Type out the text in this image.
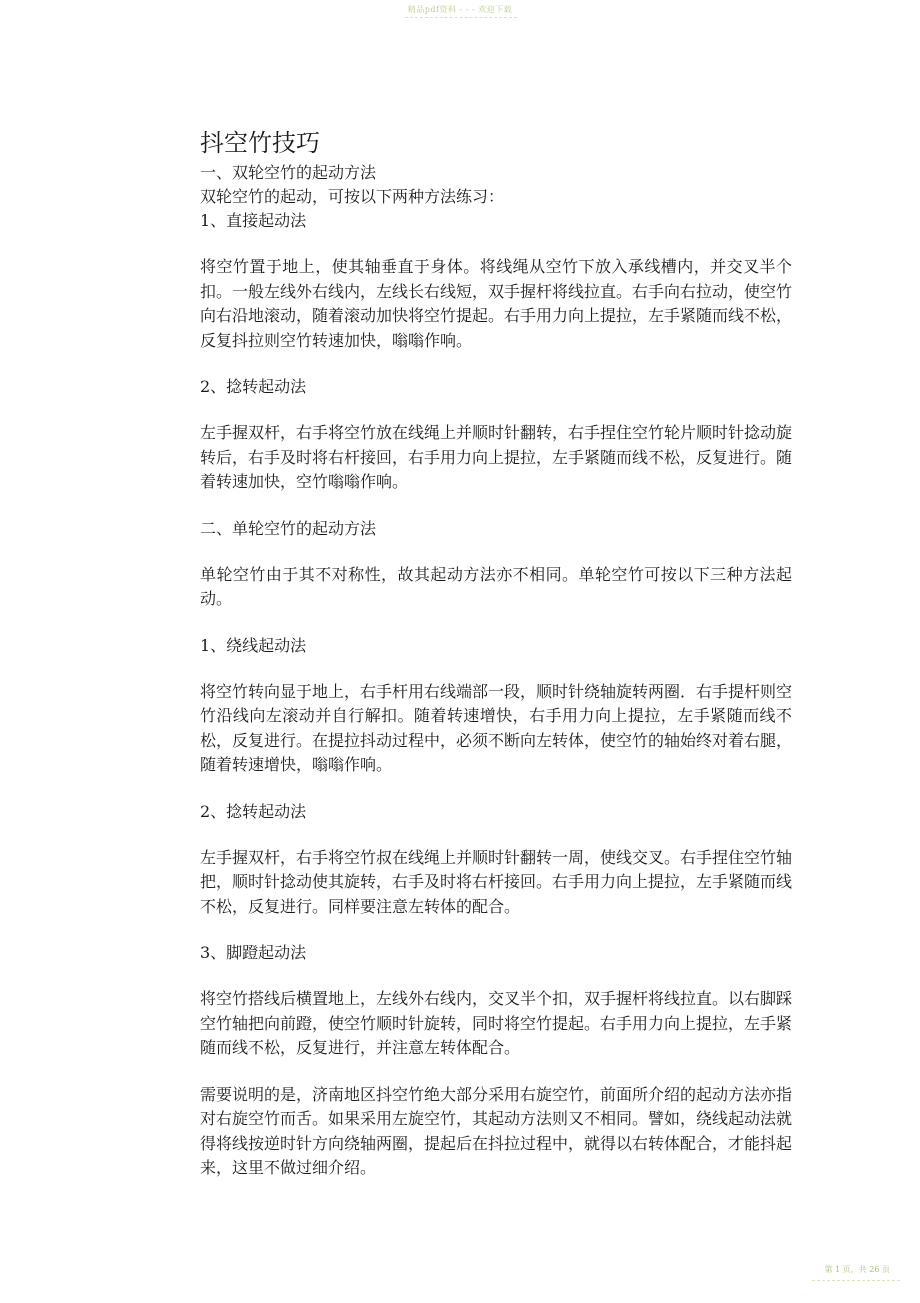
精品pdf资料 - - - 欢迎下载
抖空竹技巧

一、双轮空竹的起动方法

双轮空竹的起动，可按以下两种方法练习：

1、直接起动法

将空竹置于地上，使其轴垂直于身体。将线绳从空竹下放入承线槽内，并交叉半个扣。一般左线外右线内，左线长右线短，双手握杆将线拉直。右手向右拉动，使空竹向右沿地滚动，随着滚动加快将空竹提起。右手用力向上提拉，左手紧随而线不松，反复抖拉则空竹转速加快，嗡嗡作响。

2、捻转起动法

左手握双杆，右手将空竹放在线绳上并顺时针翻转，右手捏住空竹轮片顺时针捻动旋转后，右手及时将右杆接回，右手用力向上提拉，左手紧随而线不松，反复进行。随着转速加快，空竹嗡嗡作响。

二、单轮空竹的起动方法

单轮空竹由于其不对称性，故其起动方法亦不相同。单轮空竹可按以下三种方法起动。

1、绕线起动法

将空竹转向显于地上，右手杆用右线端部一段，顺时针绕轴旋转两圈．右手提杆则空竹沿线向左滚动并自行解扣。随着转速增快，右手用力向上提拉，左手紧随而线不松，反复进行。在提拉抖动过程中，必须不断向左转体，使空竹的轴始终对着右腿，随着转速增快，嗡嗡作响。

2、捻转起动法

左手握双杆，右手将空竹叔在线绳上并顺时针翻转一周，使线交叉。右手捏住空竹轴把，顺时针捻动使其旋转，右手及时将右杆接回。右手用力向上提拉，左手紧随而线不松，反复进行。同样要注意左转体的配合。

3、脚蹬起动法

将空竹搭线后横置地上，左线外右线内，交叉半个扣，双手握杆将线拉直。以右脚踩空竹轴把向前蹬，使空竹顺时针旋转，同时将空竹提起。右手用力向上提拉，左手紧随而线不松，反复进行，并注意左转体配合。

需要说明的是，济南地区抖空竹绝大部分采用右旋空竹，前面所介绍的起动方法亦指对右旋空竹而舌。如果采用左旋空竹，其起动方法则又不相同。譬如，绕线起动法就得将线按逆时针方向绕轴两圈，提起后在抖拉过程中，就得以右转体配合，才能抖起来，这里不做过细介绍。

第 1 页，共 26 页
